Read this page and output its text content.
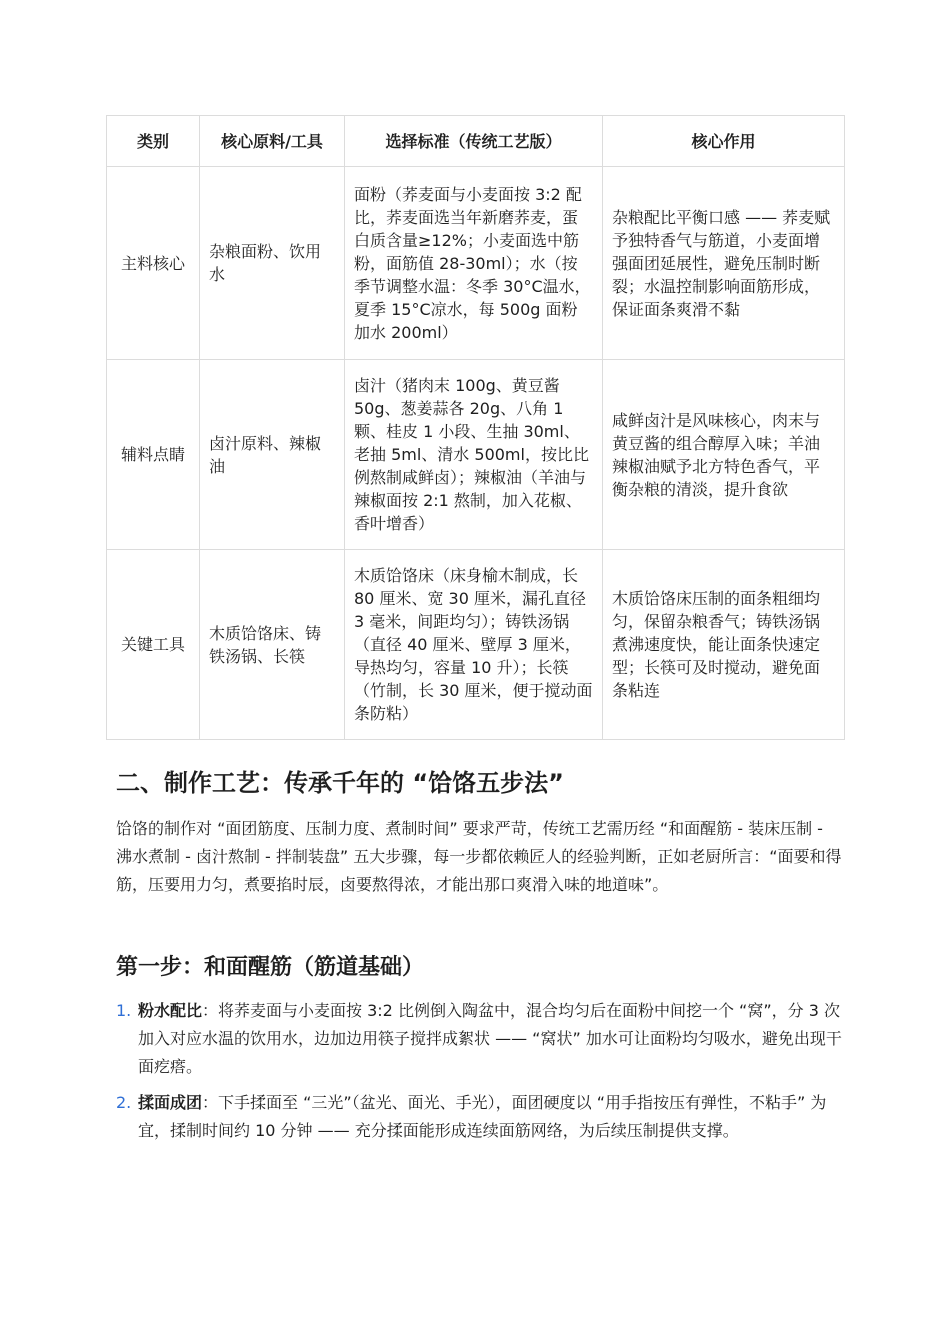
类别	核心原料/工具	选择标准（传统工艺版）	核心作用
主料核心	杂粮面粉、饮用水	面粉（荞麦面与小麦面按 3:2 配比，荞麦面选当年新磨荞麦，蛋白质含量≥12%；小麦面选中筋粉，面筋值 28-30ml）；水（按季节调整水温：冬季 30°C温水，夏季 15°C凉水，每 500g 面粉加水 200ml）	杂粮配比平衡口感 —— 荞麦赋予独特香气与筋道，小麦面增强面团延展性，避免压制时断裂；水温控制影响面筋形成，保证面条爽滑不黏
辅料点睛	卤汁原料、辣椒油	卤汁（猪肉末 100g、黄豆酱 50g、葱姜蒜各 20g、八角 1 颗、桂皮 1 小段、生抽 30ml、老抽 5ml、清水 500ml，按比比例熬制咸鲜卤）；辣椒油（羊油与辣椒面按 2:1 熬制，加入花椒、香叶增香）	咸鲜卤汁是风味核心，肉末与黄豆酱的组合醇厚入味；羊油辣椒油赋予北方特色香气，平衡杂粮的清淡，提升食欲
关键工具	木质饸饹床、铸铁汤锅、长筷	木质饸饹床（床身榆木制成，长 80 厘米、宽 30 厘米，漏孔直径 3 毫米，间距均匀）；铸铁汤锅（直径 40 厘米、壁厚 3 厘米，导热均匀，容量 10 升）；长筷（竹制，长 30 厘米，便于搅动面条防粘）	木质饸饹床压制的面条粗细均匀，保留杂粮香气；铸铁汤锅煮沸速度快，能让面条快速定型；长筷可及时搅动，避免面条粘连
二、制作工艺：传承千年的 “饸饹五步法”

饸饹的制作对 “面团筋度、压制力度、煮制时间” 要求严苛，传统工艺需历经 “和面醒筋 - 装床压制 - 沸水煮制 - 卤汁熬制 - 拌制装盘” 五大步骤，每一步都依赖匠人的经验判断，正如老厨所言：“面要和得筋，压要用力匀，煮要掐时辰，卤要熬得浓，才能出那口爽滑入味的地道味”。

第一步：和面醒筋（筋道基础）
1. 粉水配比：将荞麦面与小麦面按 3:2 比例倒入陶盆中，混合均匀后在面粉中间挖一个 “窝”，分 3 次加入对应水温的饮用水，边加边用筷子搅拌成絮状 —— “窝状” 加水可让面粉均匀吸水，避免出现干面疙瘩。
2. 揉面成团：下手揉面至 “三光”（盆光、面光、手光），面团硬度以 “用手指按压有弹性，不粘手” 为宜，揉制时间约 10 分钟 —— 充分揉面能形成连续面筋网络，为后续压制提供支撑。
